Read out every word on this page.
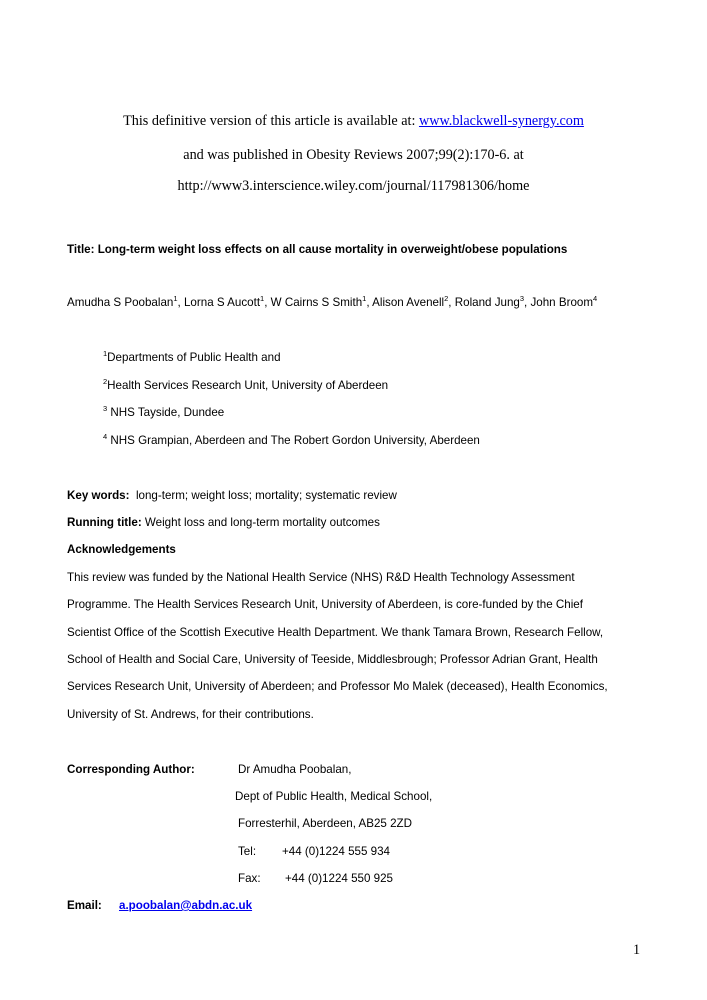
This definitive version of this article is available at: www.blackwell-synergy.com
and was published in Obesity Reviews 2007;99(2):170-6. at
http://www3.interscience.wiley.com/journal/117981306/home
Title: Long-term weight loss effects on all cause mortality in overweight/obese populations
Amudha S Poobalan$^1$, Lorna S Aucott$^1$, W Cairns S Smith$^1$, Alison Avenell$^2$, Roland Jung$^3$, John Broom$^4$
$^1$Departments of Public Health and
$^2$Health Services Research Unit, University of Aberdeen
$^3$ NHS Tayside, Dundee
$^4$ NHS Grampian, Aberdeen and The Robert Gordon University, Aberdeen
Key words:  long-term; weight loss; mortality; systematic review
Running title: Weight loss and long-term mortality outcomes
Acknowledgements
This review was funded by the National Health Service (NHS) R&D Health Technology Assessment
Programme. The Health Services Research Unit, University of Aberdeen, is core-funded by the Chief
Scientist Office of the Scottish Executive Health Department. We thank Tamara Brown, Research Fellow,
School of Health and Social Care, University of Teeside, Middlesbrough; Professor Adrian Grant, Health
Services Research Unit, University of Aberdeen; and Professor Mo Malek (deceased), Health Economics,
University of St. Andrews, for their contributions.
Corresponding Author:	Dr Amudha Poobalan,
Dept of Public Health, Medical School,
Forresterhil, Aberdeen, AB25 2ZD
Tel: +44 (0)1224 555 934
Fax: +44 (0)1224 550 925
Email: a.poobalan@abdn.ac.uk
1
